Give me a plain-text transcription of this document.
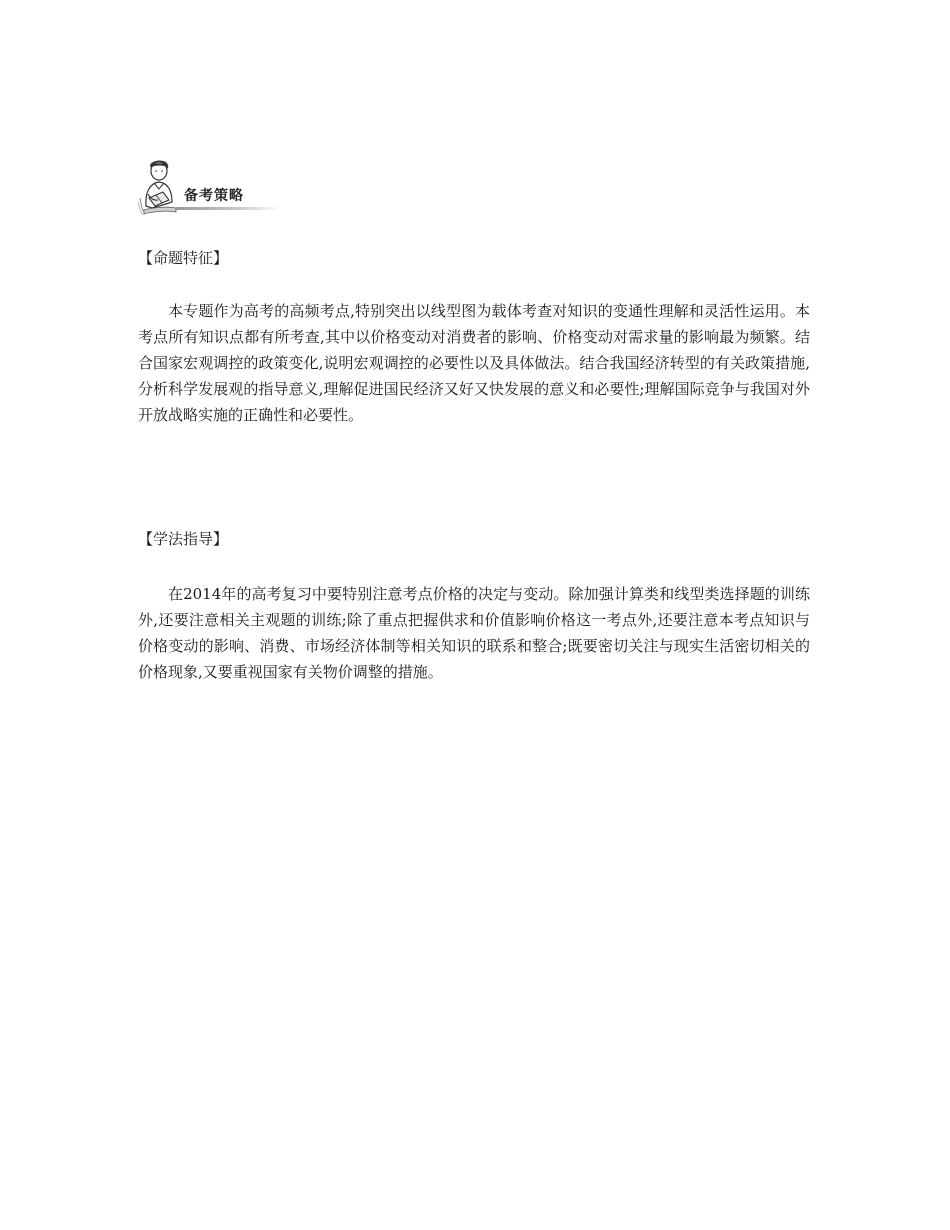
备考策略
【命题特征】

本专题作为高考的高频考点,特别突出以线型图为载体考查对知识的变通性理解和灵活性运用。本考点所有知识点都有所考查,其中以价格变动对消费者的影响、价格变动对需求量的影响最为频繁。结合国家宏观调控的政策变化,说明宏观调控的必要性以及具体做法。结合我国经济转型的有关政策措施,分析科学发展观的指导意义,理解促进国民经济又好又快发展的意义和必要性;理解国际竞争与我国对外开放战略实施的正确性和必要性。

【学法指导】

在2014年的高考复习中要特别注意考点价格的决定与变动。除加强计算类和线型类选择题的训练外,还要注意相关主观题的训练;除了重点把握供求和价值影响价格这一考点外,还要注意本考点知识与价格变动的影响、消费、市场经济体制等相关知识的联系和整合;既要密切关注与现实生活密切相关的价格现象,又要重视国家有关物价调整的措施。
